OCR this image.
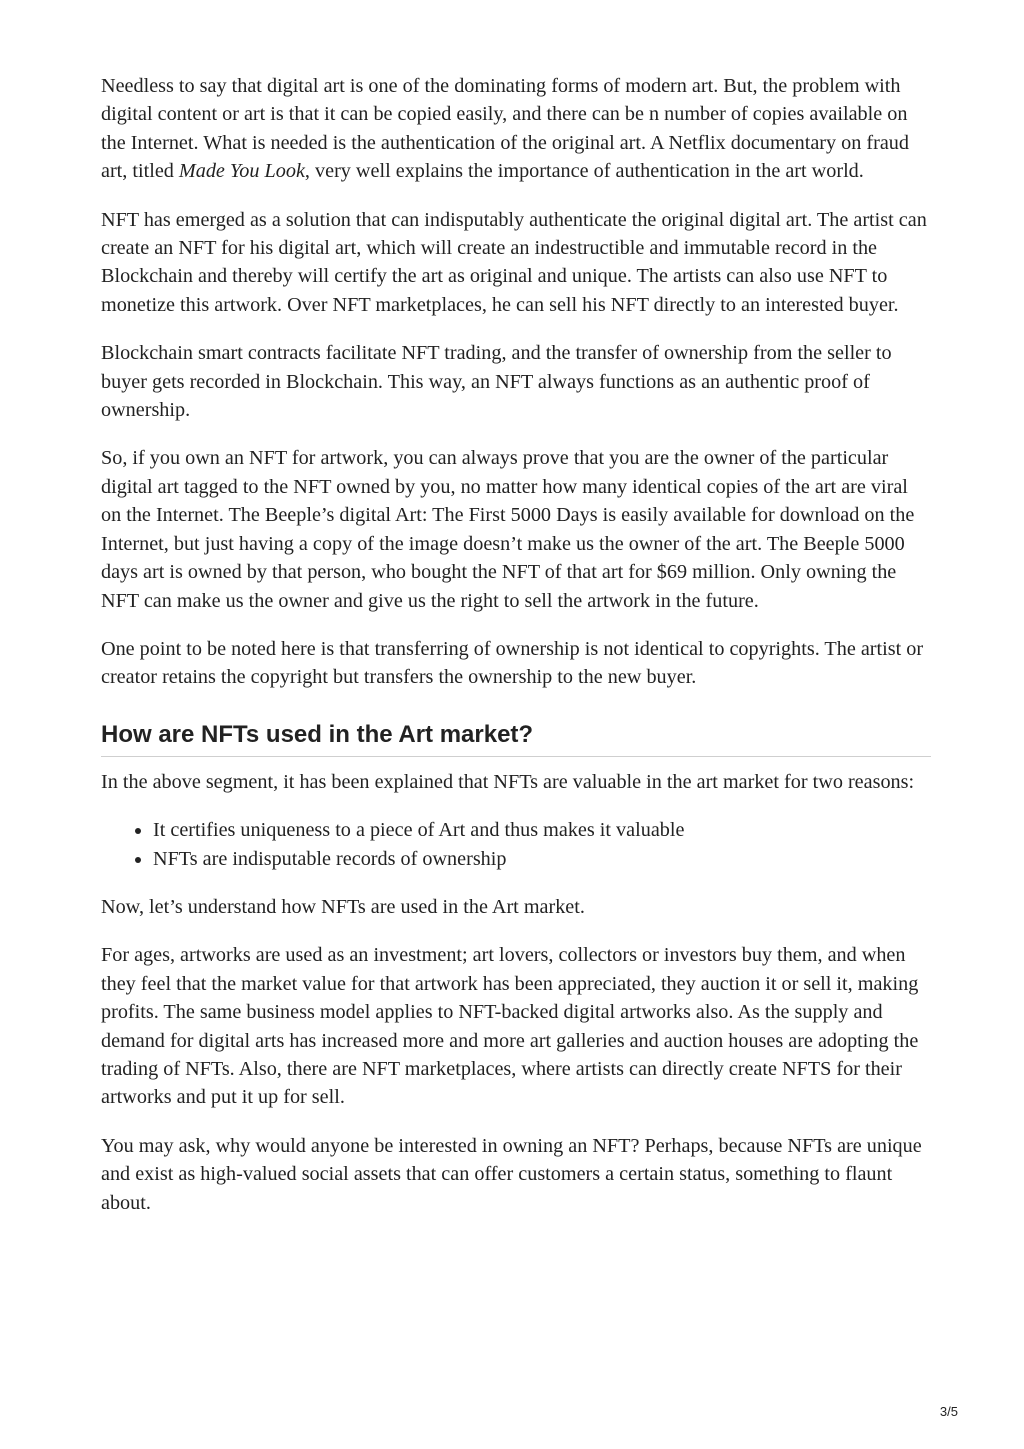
Needless to say that digital art is one of the dominating forms of modern art. But, the problem with digital content or art is that it can be copied easily, and there can be n number of copies available on the Internet. What is needed is the authentication of the original art. A Netflix documentary on fraud art, titled Made You Look, very well explains the importance of authentication in the art world.

NFT has emerged as a solution that can indisputably authenticate the original digital art. The artist can create an NFT for his digital art, which will create an indestructible and immutable record in the Blockchain and thereby will certify the art as original and unique. The artists can also use NFT to monetize this artwork. Over NFT marketplaces, he can sell his NFT directly to an interested buyer.

Blockchain smart contracts facilitate NFT trading, and the transfer of ownership from the seller to buyer gets recorded in Blockchain. This way, an NFT always functions as an authentic proof of ownership.

So, if you own an NFT for artwork, you can always prove that you are the owner of the particular digital art tagged to the NFT owned by you, no matter how many identical copies of the art are viral on the Internet. The Beeple’s digital Art: The First 5000 Days is easily available for download on the Internet, but just having a copy of the image doesn’t make us the owner of the art. The Beeple 5000 days art is owned by that person, who bought the NFT of that art for $69 million. Only owning the NFT can make us the owner and give us the right to sell the artwork in the future.

One point to be noted here is that transferring of ownership is not identical to copyrights. The artist or creator retains the copyright but transfers the ownership to the new buyer.

How are NFTs used in the Art market?

In the above segment, it has been explained that NFTs are valuable in the art market for two reasons:

• It certifies uniqueness to a piece of Art and thus makes it valuable
• NFTs are indisputable records of ownership

Now, let’s understand how NFTs are used in the Art market.

For ages, artworks are used as an investment; art lovers, collectors or investors buy them, and when they feel that the market value for that artwork has been appreciated, they auction it or sell it, making profits. The same business model applies to NFT-backed digital artworks also. As the supply and demand for digital arts has increased more and more art galleries and auction houses are adopting the trading of NFTs. Also, there are NFT marketplaces, where artists can directly create NFTS for their artworks and put it up for sell.

You may ask, why would anyone be interested in owning an NFT? Perhaps, because NFTs are unique and exist as high-valued social assets that can offer customers a certain status, something to flaunt about.

3/5
